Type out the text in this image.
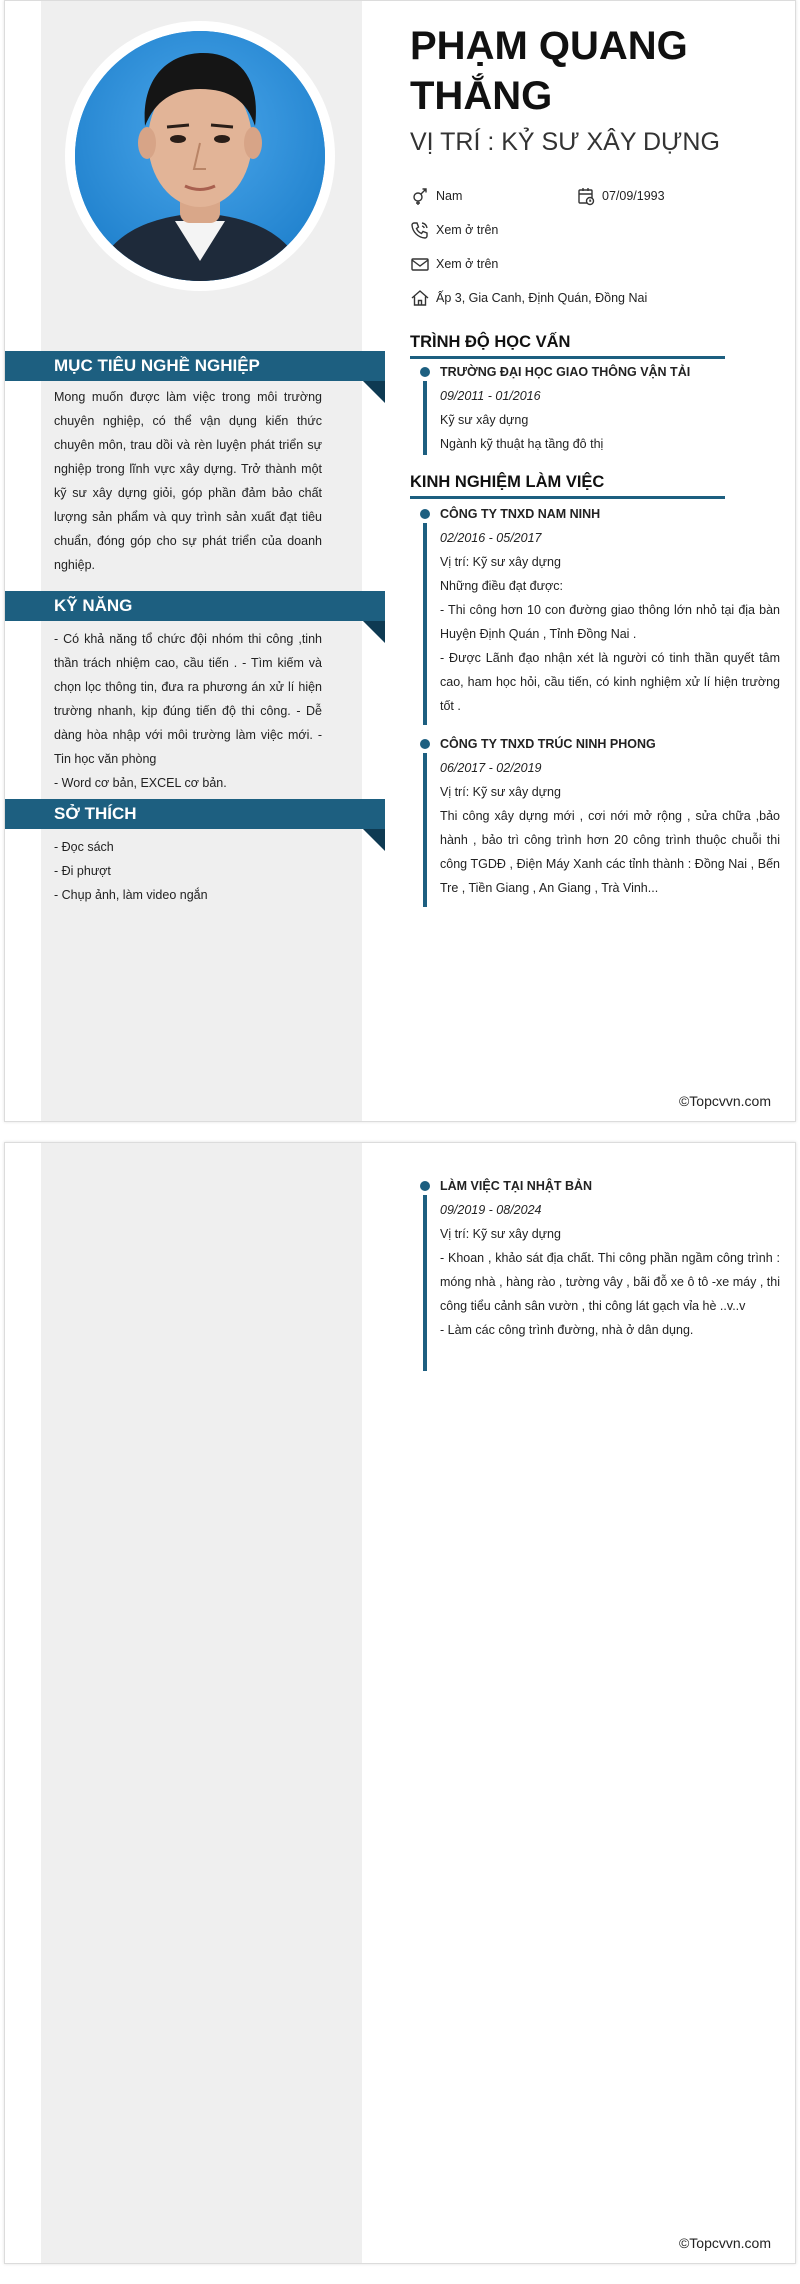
PHẠM QUANG THẮNG
VỊ TRÍ : KỶ SƯ XÂY DỰNG
Nam	07/09/1993
Xem ở trên
Xem ở trên
Ấp 3, Gia Canh, Định Quán, Đồng Nai
MỤC TIÊU NGHỀ NGHIỆP
Mong muốn được làm việc trong môi trường chuyên nghiệp, có thể vận dụng kiến thức chuyên môn, trau dồi và rèn luyện phát triển sự nghiệp trong lĩnh vực xây dựng. Trở thành một kỹ sư xây dựng giỏi, góp phần đảm bảo chất lượng sản phẩm và quy trình sản xuất đạt tiêu chuẩn, đóng góp cho sự phát triển của doanh nghiệp.
KỸ NĂNG
- Có khả năng tổ chức đội nhóm thi công ,tinh thần trách nhiệm cao, cầu tiến . - Tìm kiếm và chọn lọc thông tin, đưa ra phương án xử lí hiện trường nhanh, kịp đúng tiến độ thi công. - Dễ dàng hòa nhập với môi trường làm việc mới. - Tin học văn phòng
- Word cơ bản, EXCEL cơ bản.
SỞ THÍCH
- Đọc sách
- Đi phượt
- Chụp ảnh, làm video ngắn
TRÌNH ĐỘ HỌC VẤN
TRƯỜNG ĐẠI HỌC GIAO THÔNG VẬN TẢI
09/2011 - 01/2016
Kỹ sư xây dựng
Ngành kỹ thuật hạ tầng đô thị
KINH NGHIỆM LÀM VIỆC
CÔNG TY TNXD NAM NINH
02/2016 - 05/2017
Vị trí: Kỹ sư xây dựng
Những điều đạt được:
- Thi công hơn 10 con đường giao thông lớn nhỏ tại địa bàn Huyện Định Quán , Tỉnh Đồng Nai .
- Được Lãnh đạo nhận xét là người có tinh thần quyết tâm cao, ham học hỏi, cầu tiến, có kinh nghiệm xử lí hiện trường tốt .
CÔNG TY TNXD TRÚC NINH PHONG
06/2017 - 02/2019
Vị trí: Kỹ sư xây dựng
Thi công xây dựng mới , cơi nới mở rộng , sửa chữa ,bảo hành , bảo trì công trình hơn 20 công trình thuộc chuỗi thi công TGDĐ , Điện Máy Xanh các tỉnh thành : Đồng Nai , Bến Tre , Tiền Giang , An Giang , Trà Vinh...
©Topcvvn.com
LÀM VIỆC TẠI NHẬT BẢN
09/2019 - 08/2024
Vị trí: Kỹ sư xây dựng
- Khoan , khảo sát địa chất. Thi công phần ngầm công trình : móng nhà , hàng rào , tường vây , bãi đỗ xe ô tô -xe máy , thi công tiểu cảnh sân vườn , thi công lát gạch vỉa hè ..v..v
- Làm các công trình đường, nhà ở dân dụng.
©Topcvvn.com
